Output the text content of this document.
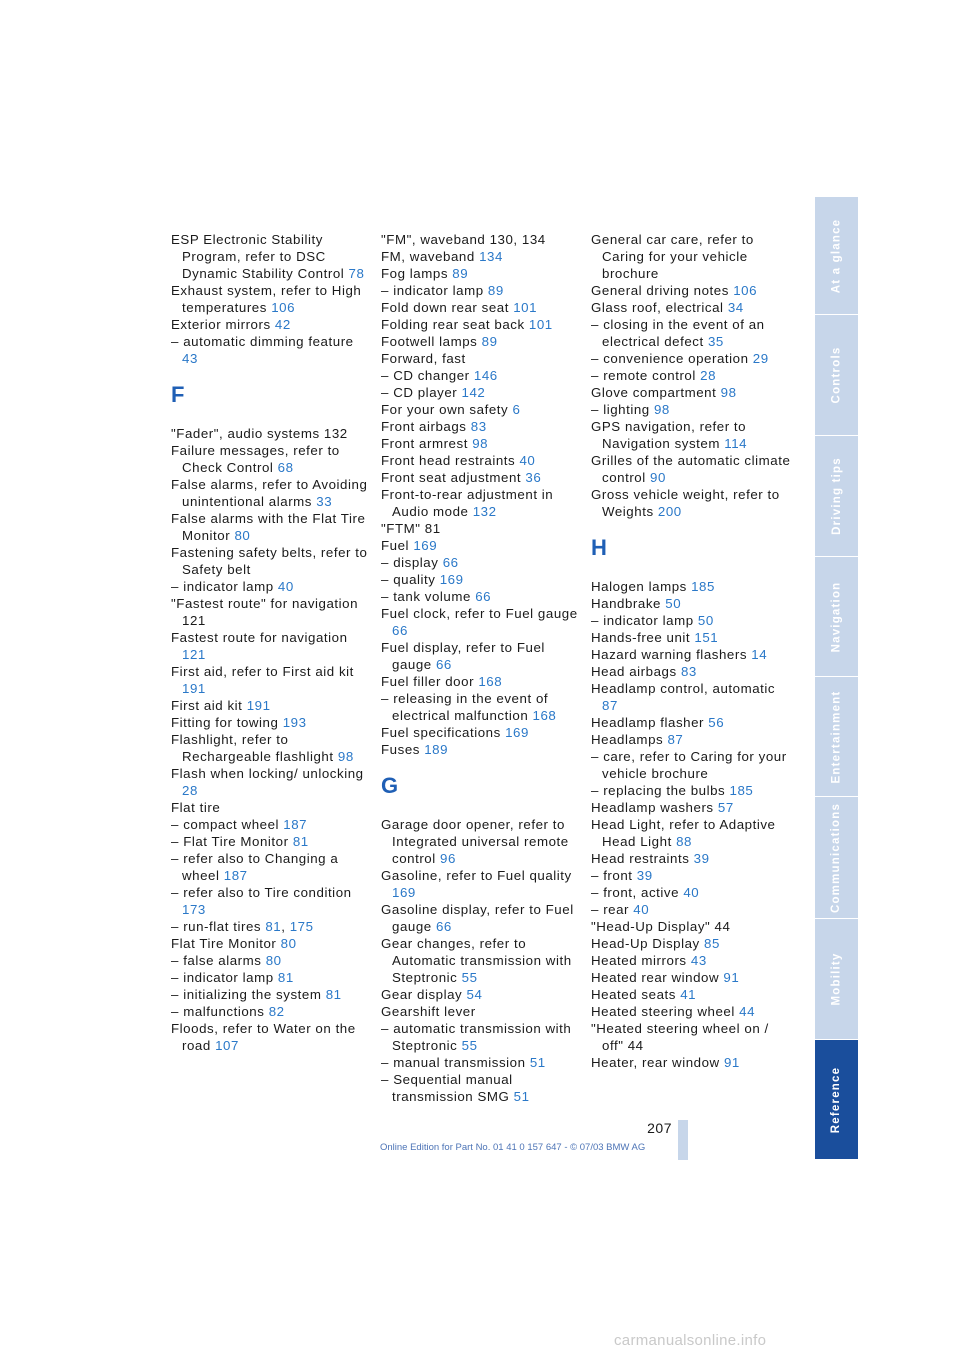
ESP Electronic Stability Program, refer to DSC Dynamic Stability Control 78
Exhaust system, refer to High temperatures 106
Exterior mirrors 42
– automatic dimming feature 43
F
"Fader", audio systems 132
Failure messages, refer to Check Control 68
False alarms, refer to Avoiding unintentional alarms 33
False alarms with the Flat Tire Monitor 80
Fastening safety belts, refer to Safety belt
– indicator lamp 40
"Fastest route" for navigation 121
Fastest route for navigation 121
First aid, refer to First aid kit 191
First aid kit 191
Fitting for towing 193
Flashlight, refer to Rechargeable flashlight 98
Flash when locking/ unlocking 28
Flat tire
– compact wheel 187
– Flat Tire Monitor 81
– refer also to Changing a wheel 187
– refer also to Tire condition 173
– run-flat tires 81, 175
Flat Tire Monitor 80
– false alarms 80
– indicator lamp 81
– initializing the system 81
– malfunctions 82
Floods, refer to Water on the road 107
"FM", waveband 130, 134
FM, waveband 134
Fog lamps 89
– indicator lamp 89
Fold down rear seat 101
Folding rear seat back 101
Footwell lamps 89
Forward, fast
– CD changer 146
– CD player 142
For your own safety 6
Front airbags 83
Front armrest 98
Front head restraints 40
Front seat adjustment 36
Front-to-rear adjustment in Audio mode 132
"FTM" 81
Fuel 169
– display 66
– quality 169
– tank volume 66
Fuel clock, refer to Fuel gauge 66
Fuel display, refer to Fuel gauge 66
Fuel filler door 168
– releasing in the event of electrical malfunction 168
Fuel specifications 169
Fuses 189
G
Garage door opener, refer to Integrated universal remote control 96
Gasoline, refer to Fuel quality 169
Gasoline display, refer to Fuel gauge 66
Gear changes, refer to Automatic transmission with Steptronic 55
Gear display 54
Gearshift lever
– automatic transmission with Steptronic 55
– manual transmission 51
– Sequential manual transmission SMG 51
General car care, refer to Caring for your vehicle brochure
General driving notes 106
Glass roof, electrical 34
– closing in the event of an electrical defect 35
– convenience operation 29
– remote control 28
Glove compartment 98
– lighting 98
GPS navigation, refer to Navigation system 114
Grilles of the automatic climate control 90
Gross vehicle weight, refer to Weights 200
H
Halogen lamps 185
Handbrake 50
– indicator lamp 50
Hands-free unit 151
Hazard warning flashers 14
Head airbags 83
Headlamp control, automatic 87
Headlamp flasher 56
Headlamps 87
– care, refer to Caring for your vehicle brochure
– replacing the bulbs 185
Headlamp washers 57
Head Light, refer to Adaptive Head Light 88
Head restraints 39
– front 39
– front, active 40
– rear 40
"Head-Up Display" 44
Head-Up Display 85
Heated mirrors 43
Heated rear window 91
Heated seats 41
Heated steering wheel 44
"Heated steering wheel on / off" 44
Heater, rear window 91
At a glance
Controls
Driving tips
Navigation
Entertainment
Communications
Mobility
Reference
207
Online Edition for Part No. 01 41 0 157 647 - © 07/03 BMW AG
carmanualsonline.info
